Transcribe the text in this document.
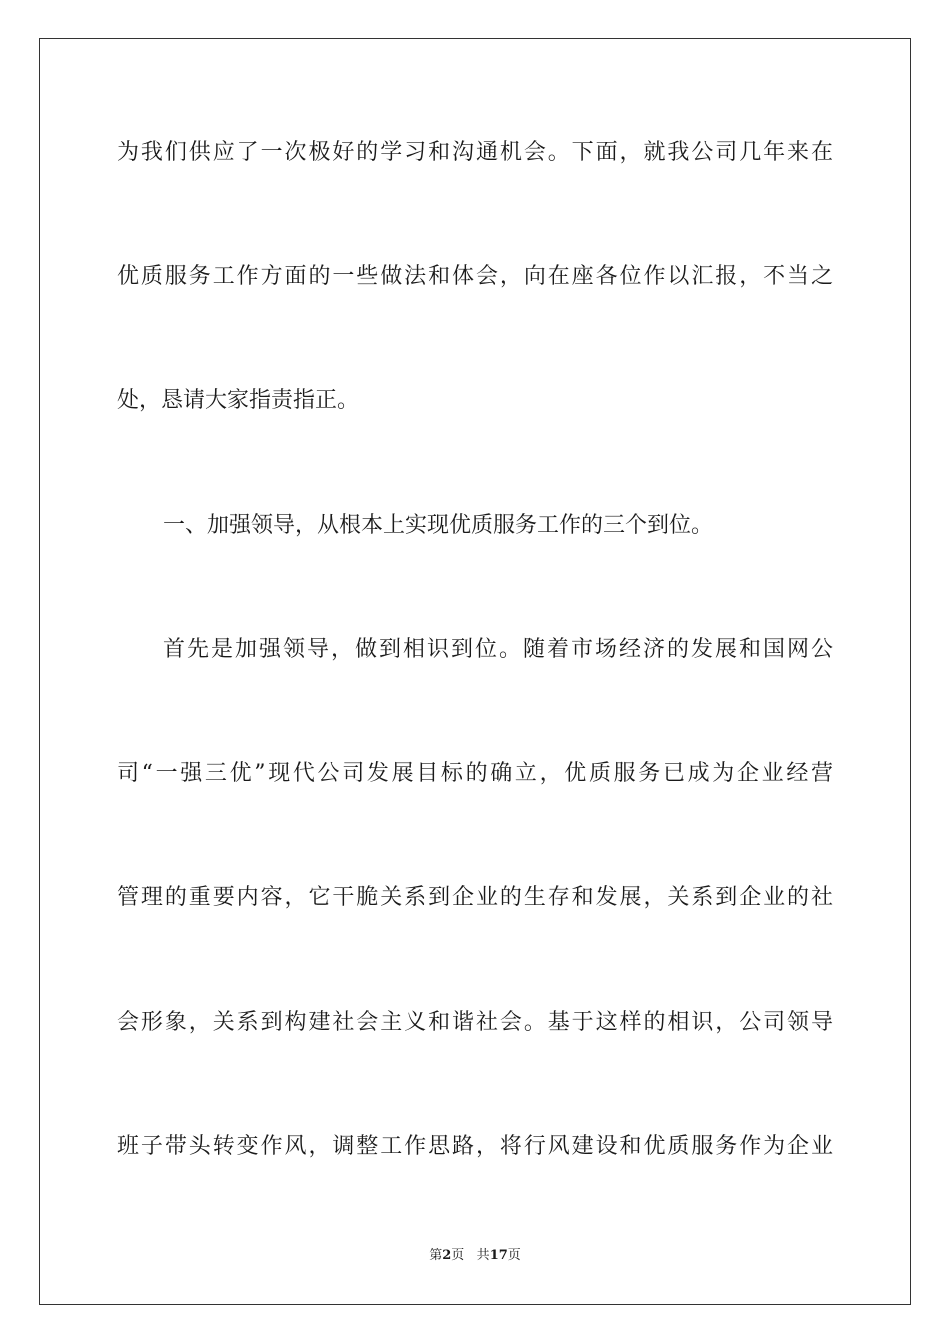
为我们供应了一次极好的学习和沟通机会。下面，就我公司几年来在
优质服务工作方面的一些做法和体会，向在座各位作以汇报，不当之
处，恳请大家指责指正。
一、加强领导，从根本上实现优质服务工作的三个到位。
首先是加强领导，做到相识到位。随着市场经济的发展和国网公
司“一强三优”现代公司发展目标的确立，优质服务已成为企业经营
管理的重要内容，它干脆关系到企业的生存和发展，关系到企业的社
会形象，关系到构建社会主义和谐社会。基于这样的相识，公司领导
班子带头转变作风，调整工作思路，将行风建设和优质服务作为企业
第2页 共17页
